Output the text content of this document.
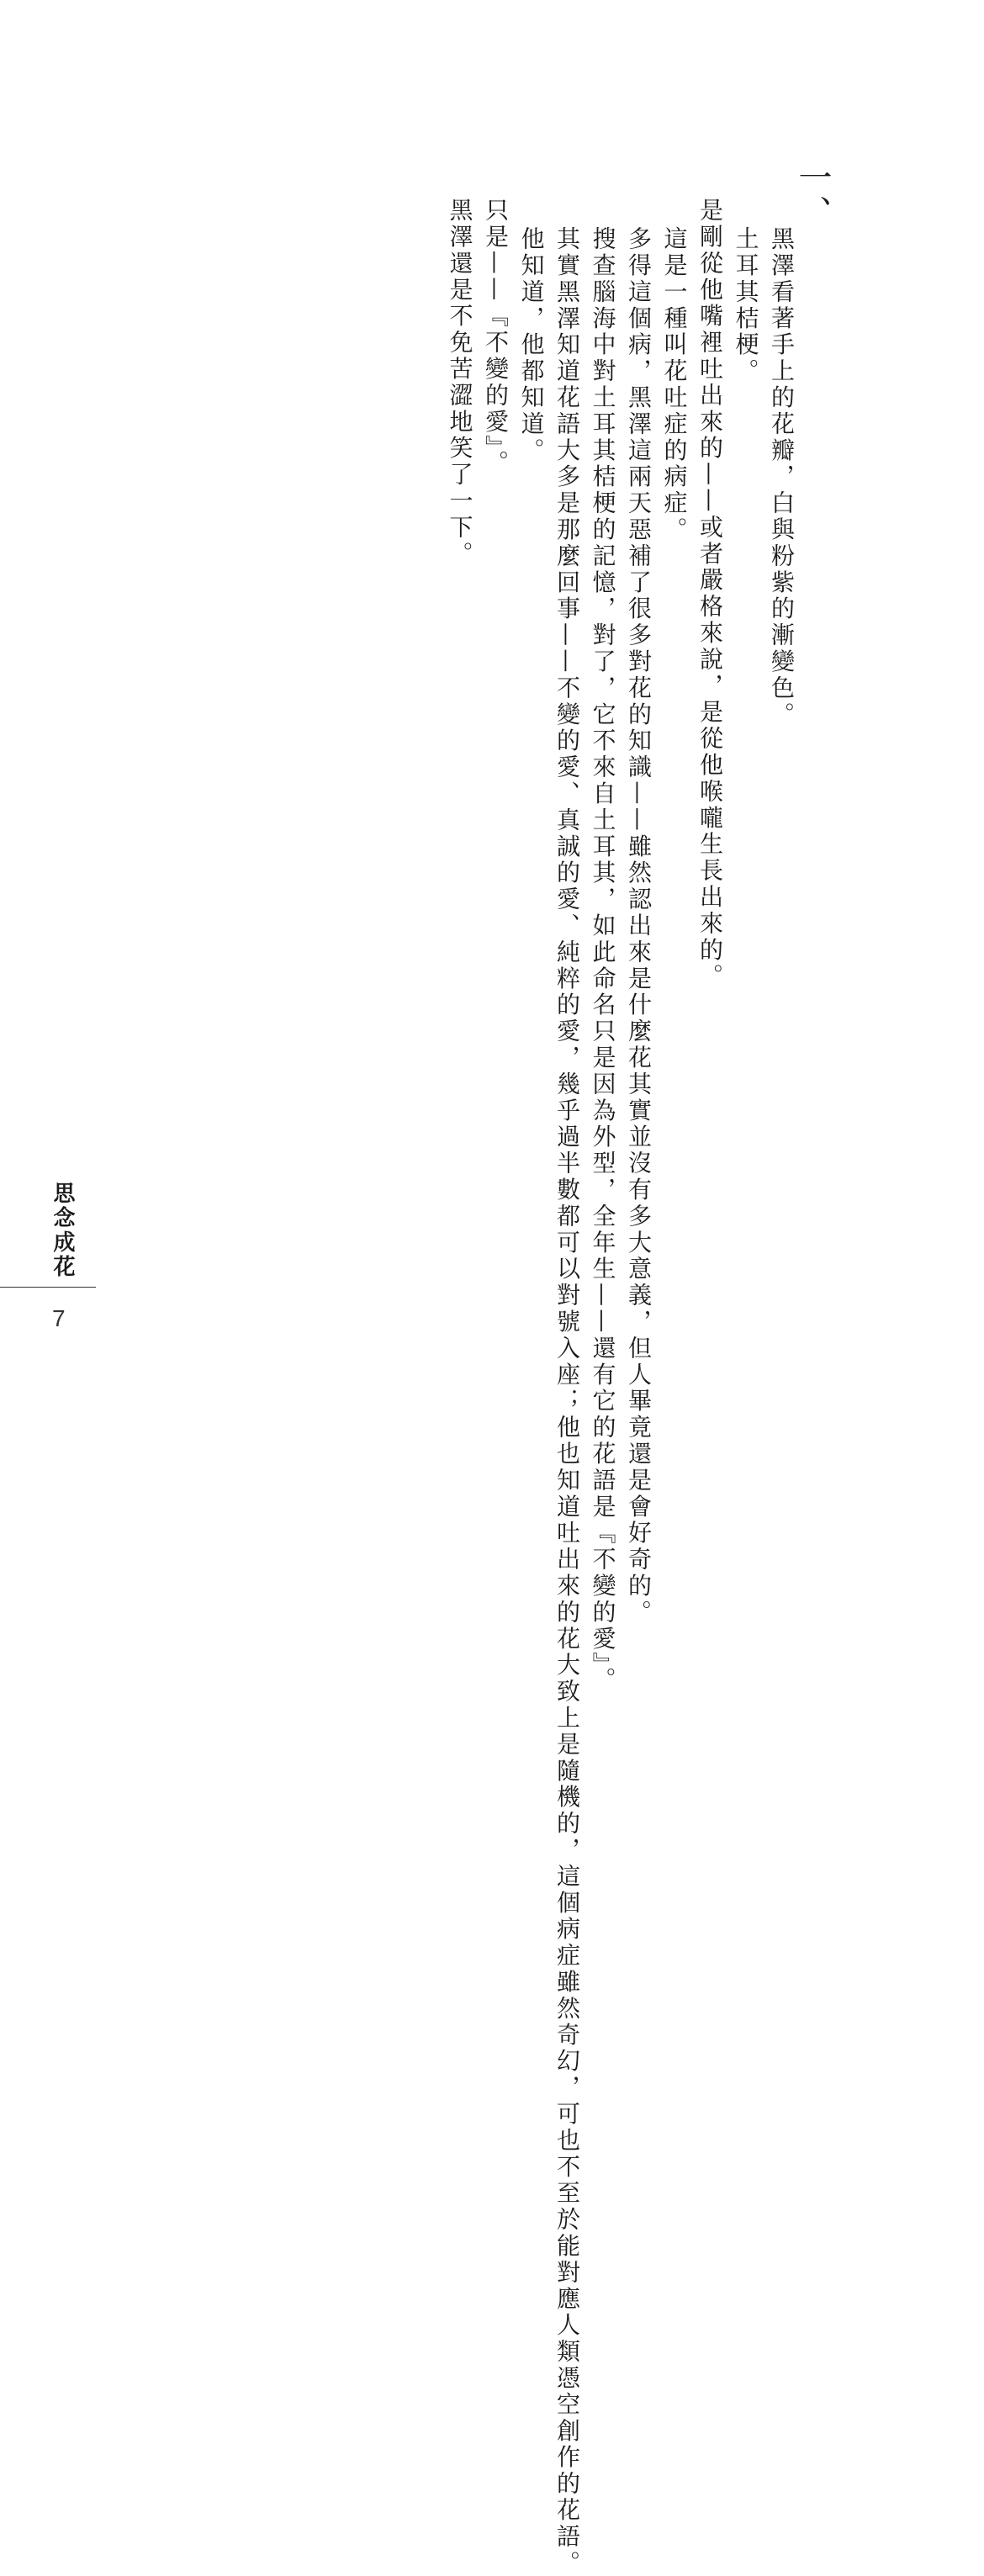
一、

黑澤看著手上的花瓣，白與粉紫的漸變色。

土耳其桔梗。

是剛從他嘴裡吐出來的——或者嚴格來說，是從他喉嚨生長出來的。

這是一種叫花吐症的病症。

多得這個病，黑澤這兩天惡補了很多對花的知識——雖然認出來是什麼花其實並沒有多大意義，但人畢竟還是會好奇的。

搜查腦海中對土耳其桔梗的記憶，對了，它不來自土耳其，如此命名只是因為外型，全年生——還有它的花語是『不變的愛』。

其實黑澤知道花語大多是那麼回事——不變的愛、真誠的愛、純粹的愛，幾乎過半數都可以對號入座；他也知道吐出來的花大致上是隨機的，這個病症雖然奇幻，可也不至於能對應人類憑空創作的花語。

他知道，他都知道。

只是——『不變的愛』。

黑澤還是不免苦澀地笑了一下。

思念成花
7
